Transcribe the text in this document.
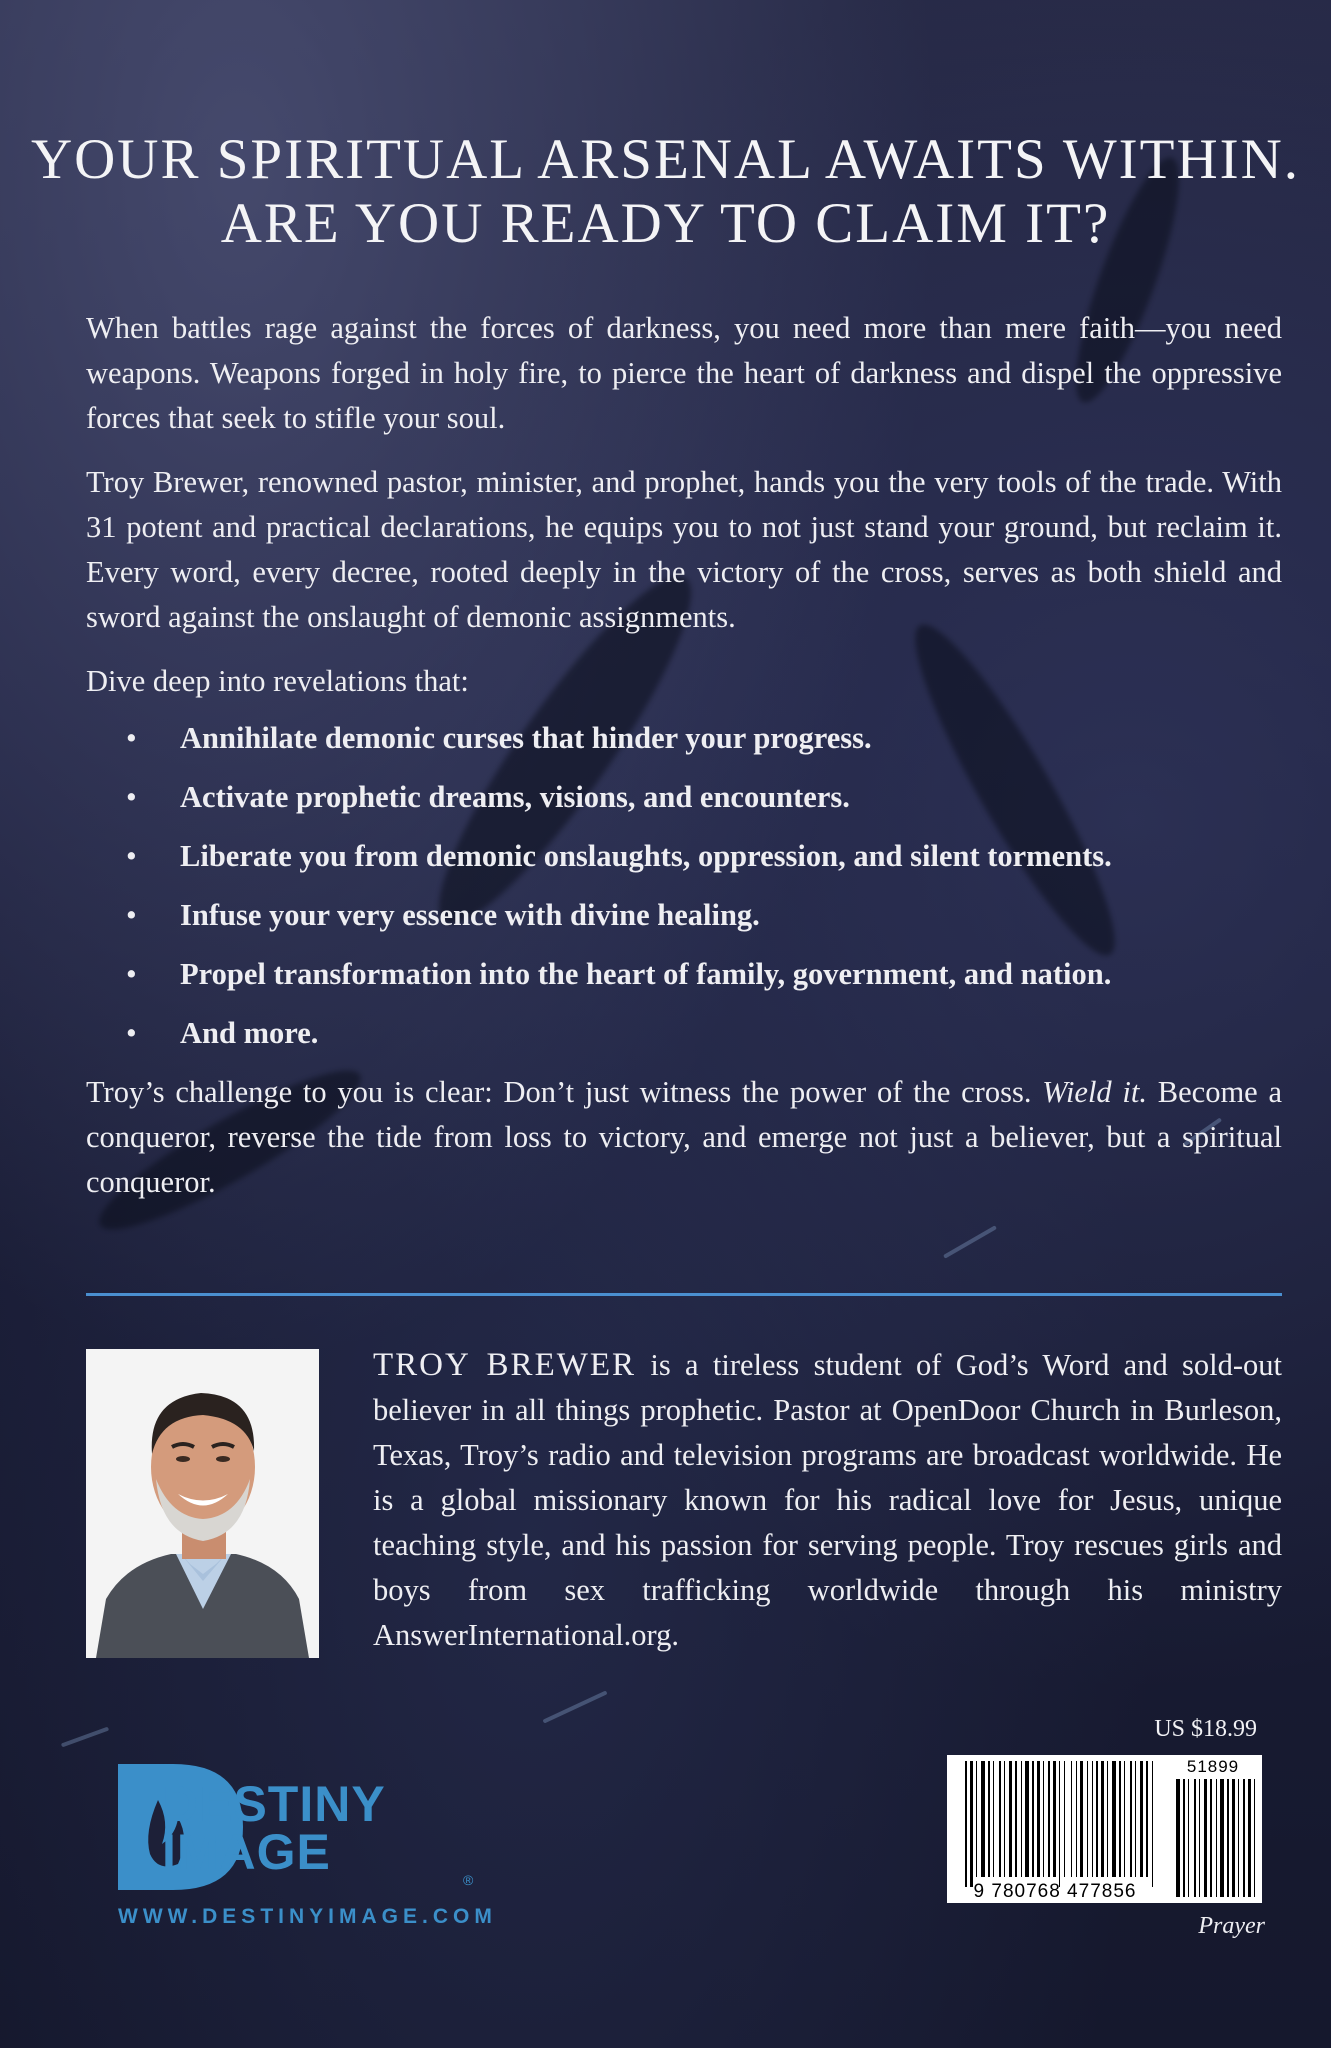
YOUR SPIRITUAL ARSENAL AWAITS WITHIN.
ARE YOU READY TO CLAIM IT?

When battles rage against the forces of darkness, you need more than mere faith—you need weapons. Weapons forged in holy fire, to pierce the heart of darkness and dispel the oppressive forces that seek to stifle your soul.

Troy Brewer, renowned pastor, minister, and prophet, hands you the very tools of the trade. With 31 potent and practical declarations, he equips you to not just stand your ground, but reclaim it. Every word, every decree, rooted deeply in the victory of the cross, serves as both shield and sword against the onslaught of demonic assignments.

Dive deep into revelations that:

• Annihilate demonic curses that hinder your progress.
• Activate prophetic dreams, visions, and encounters.
• Liberate you from demonic onslaughts, oppression, and silent torments.
• Infuse your very essence with divine healing.
• Propel transformation into the heart of family, government, and nation.
• And more.

Troy’s challenge to you is clear: Don’t just witness the power of the cross. Wield it. Become a conqueror, reverse the tide from loss to victory, and emerge not just a believer, but a spiritual conqueror.

TROY BREWER is a tireless student of God’s Word and sold-out believer in all things prophetic. Pastor at OpenDoor Church in Burleson, Texas, Troy’s radio and television programs are broadcast worldwide. He is a global missionary known for his radical love for Jesus, unique teaching style, and his passion for serving people. Troy rescues girls and boys from sex trafficking worldwide through his ministry AnswerInternational.org.
DESTINY
IMAGE	®
WWW.DESTINYIMAGE.COM
US $18.99
9 780768 477856
51899
Prayer
